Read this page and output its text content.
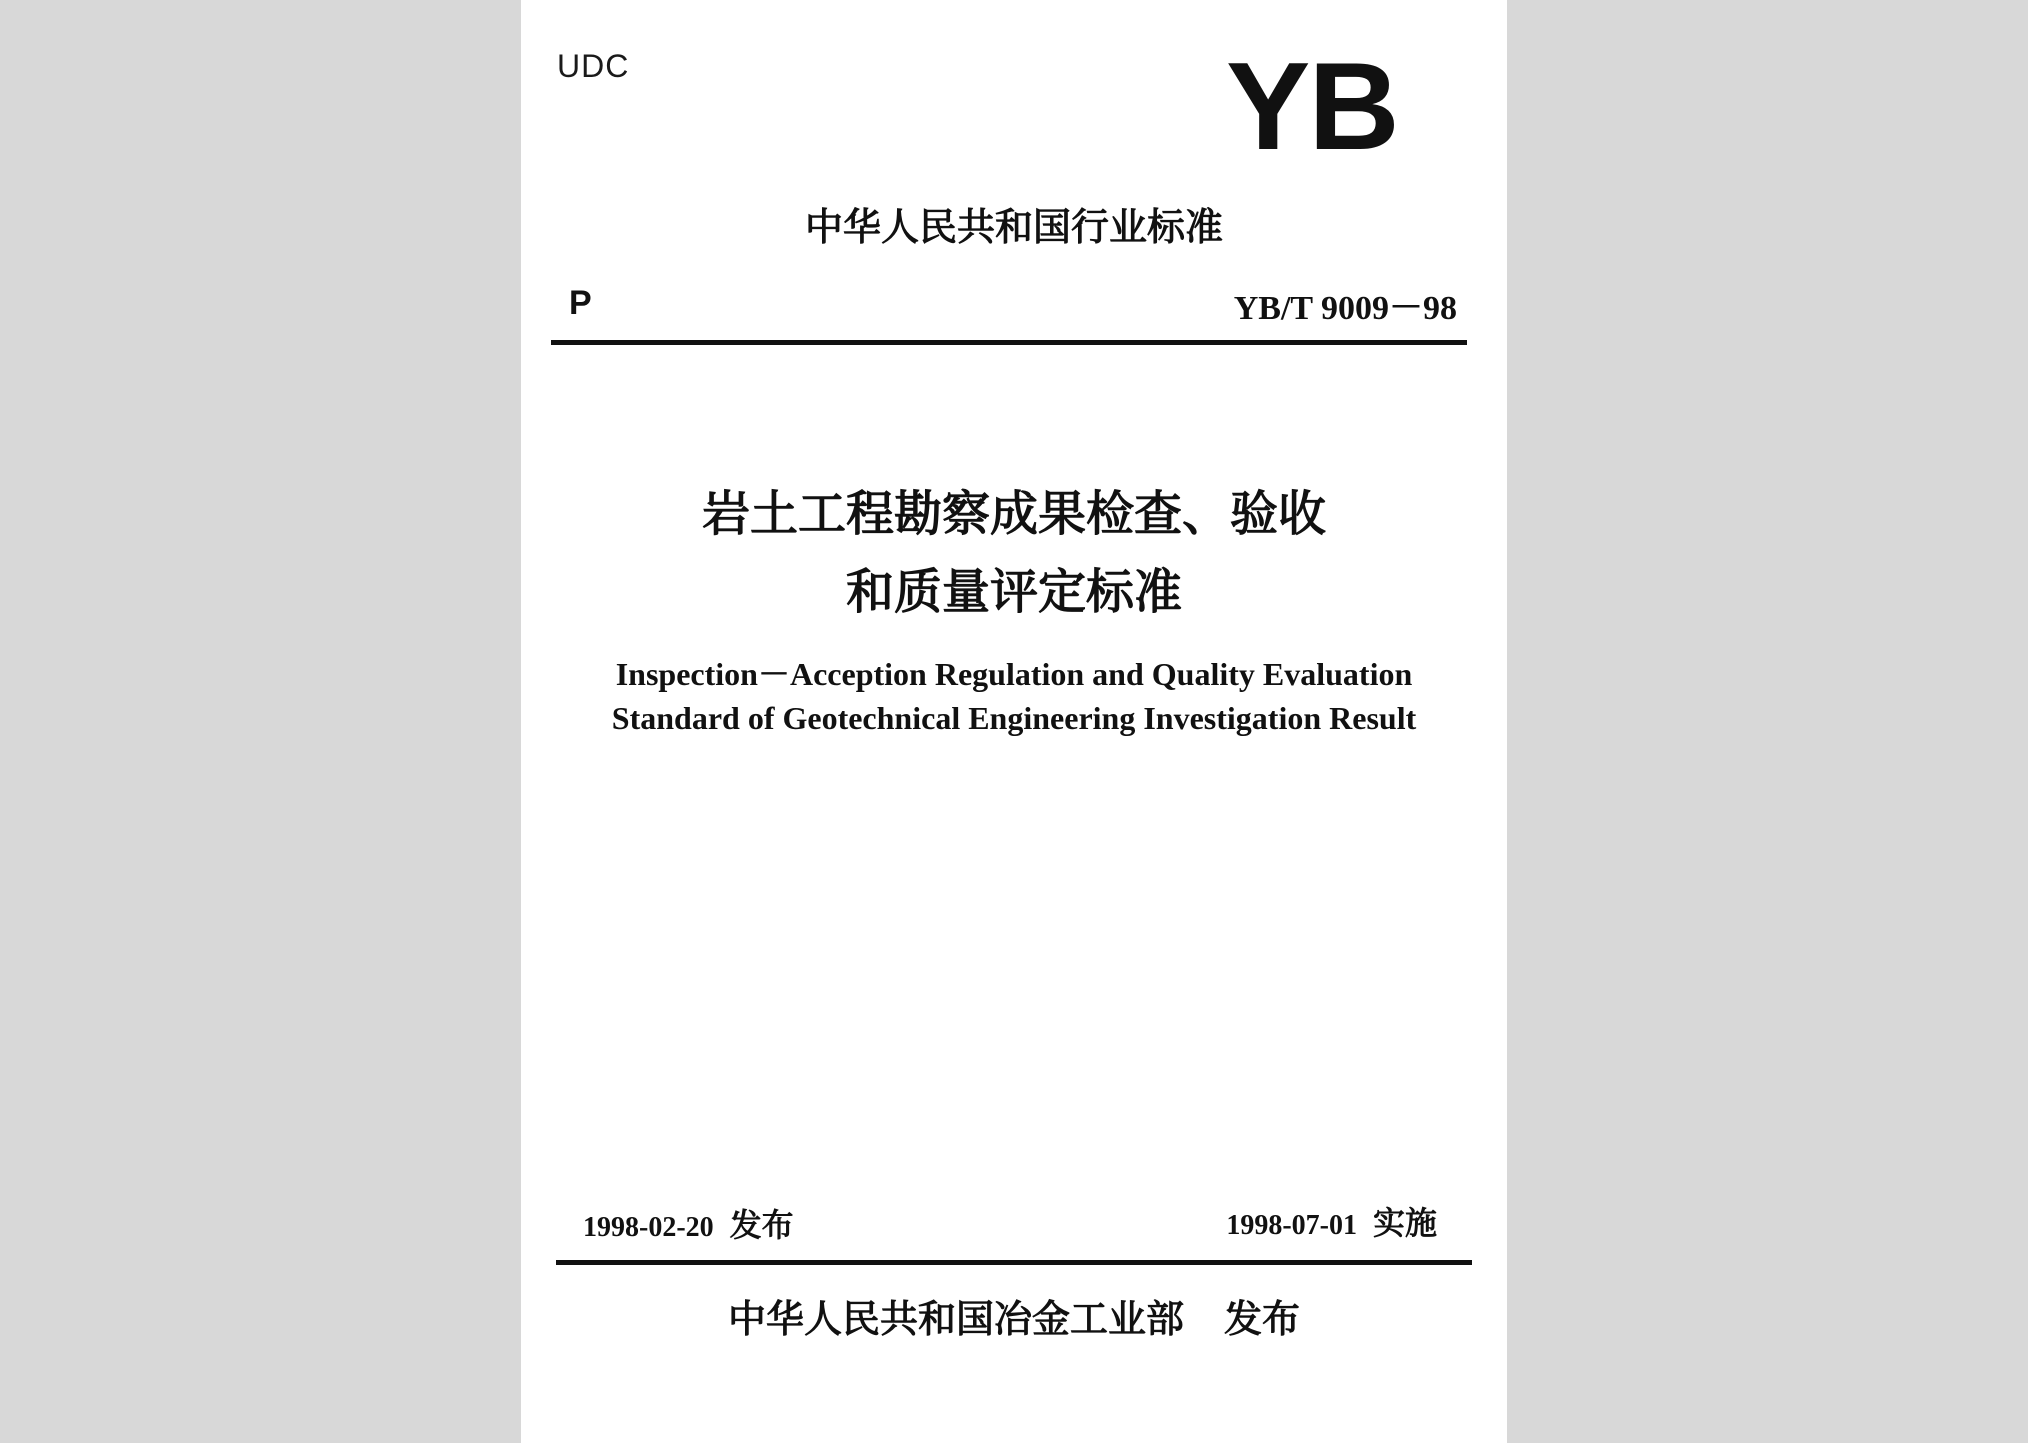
UDC	YB
中华人民共和国行业标准
P	YB/T 9009－98
岩土工程勘察成果检查、验收
和质量评定标准
Inspection－Acception Regulation and Quality Evaluation
Standard of Geotechnical Engineering Investigation Result
1998-02-20 发布	1998-07-01 实施
中华人民共和国冶金工业部 发布
